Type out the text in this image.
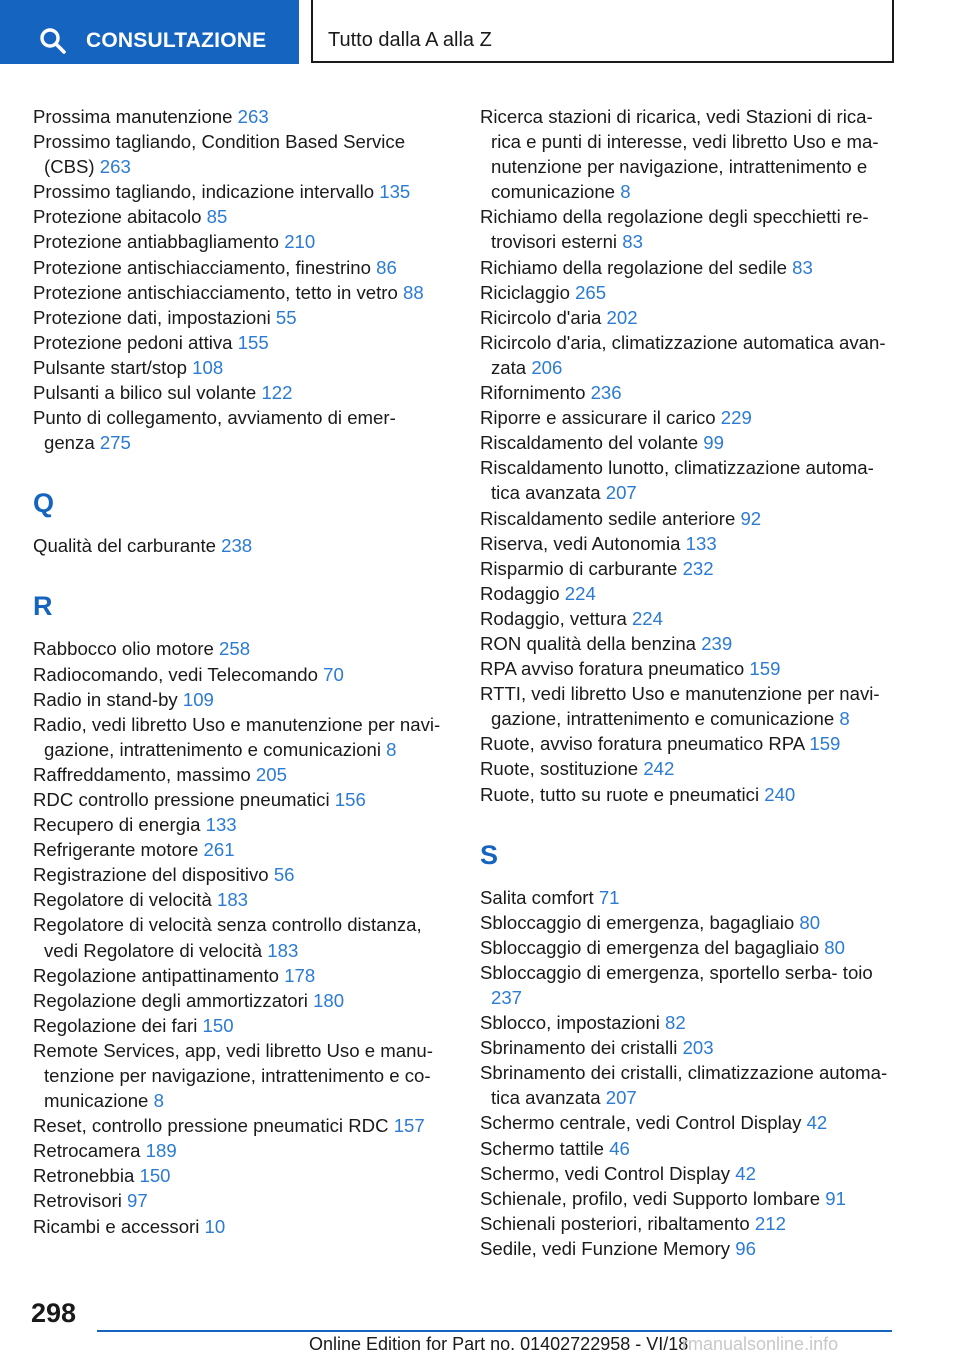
CONSULTAZIONE	Tutto dalla A alla Z

Prossima manutenzione 263

Prossimo tagliando, Condition Based Service (CBS) 263

Prossimo tagliando, indicazione intervallo 135

Protezione abitacolo 85

Protezione antiabbagliamento 210

Protezione antischiacciamento, finestrino 86

Protezione antischiacciamento, tetto in vetro 88

Protezione dati, impostazioni 55

Protezione pedoni attiva 155

Pulsante start/stop 108

Pulsanti a bilico sul volante 122

Punto di collegamento, avviamento di emer- genza 275

Q

Qualità del carburante 238

R

Rabbocco olio motore 258

Radiocomando, vedi Telecomando 70

Radio in stand-by 109

Radio, vedi libretto Uso e manutenzione per navi- gazione, intrattenimento e comunicazioni 8

Raffreddamento, massimo 205

RDC controllo pressione pneumatici 156

Recupero di energia 133

Refrigerante motore 261

Registrazione del dispositivo 56

Regolatore di velocità 183

Regolatore di velocità senza controllo distanza, vedi Regolatore di velocità 183

Regolazione antipattinamento 178

Regolazione degli ammortizzatori 180

Regolazione dei fari 150

Remote Services, app, vedi libretto Uso e manu- tenzione per navigazione, intrattenimento e co- municazione 8

Reset, controllo pressione pneumatici RDC 157

Retrocamera 189

Retronebbia 150

Retrovisori 97

Ricambi e accessori 10

Ricerca stazioni di ricarica, vedi Stazioni di rica- rica e punti di interesse, vedi libretto Uso e ma- nutenzione per navigazione, intrattenimento e comunicazione 8

Richiamo della regolazione degli specchietti re- trovisori esterni 83

Richiamo della regolazione del sedile 83

Riciclaggio 265

Ricircolo d'aria 202

Ricircolo d'aria, climatizzazione automatica avan- zata 206

Rifornimento 236

Riporre e assicurare il carico 229

Riscaldamento del volante 99

Riscaldamento lunotto, climatizzazione automa- tica avanzata 207

Riscaldamento sedile anteriore 92

Riserva, vedi Autonomia 133

Risparmio di carburante 232

Rodaggio 224

Rodaggio, vettura 224

RON qualità della benzina 239

RPA avviso foratura pneumatico 159

RTTI, vedi libretto Uso e manutenzione per navi- gazione, intrattenimento e comunicazione 8

Ruote, avviso foratura pneumatico RPA 159

Ruote, sostituzione 242

Ruote, tutto su ruote e pneumatici 240

S

Salita comfort 71

Sbloccaggio di emergenza, bagagliaio 80

Sbloccaggio di emergenza del bagagliaio 80

Sbloccaggio di emergenza, sportello serba- toio 237

Sblocco, impostazioni 82

Sbrinamento dei cristalli 203

Sbrinamento dei cristalli, climatizzazione automa- tica avanzata 207

Schermo centrale, vedi Control Display 42

Schermo tattile 46

Schermo, vedi Control Display 42

Schienale, profilo, vedi Supporto lombare 91

Schienali posteriori, ribaltamento 212

Sedile, vedi Funzione Memory 96

298
Online Edition for Part no. 01402722958 - VI/18
rmanualsonline.info
